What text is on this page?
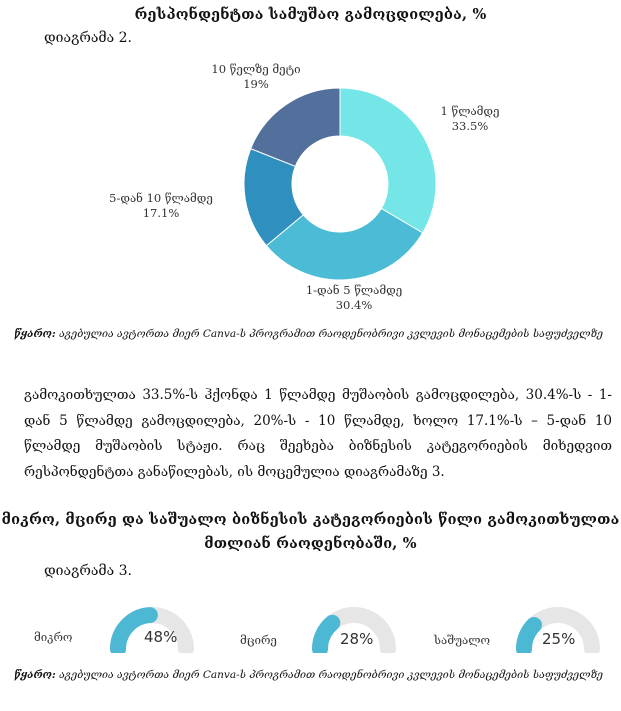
რესპონდენტთა სამუშაო გამოცდილება, %
დიაგრამა 2.
10 წელზე მეტი
19%
1 წლამდე
33.5%
5-დან 10 წლამდე
17.1%
1-დან 5 წლამდე
30.4%
წყარო: აგებულია ავტორთა მიერ Canva-ს პროგრამით რაოდენობრივი კვლევის მონაცემების საფუძველზე
გამოკითხულთა 33.5%-ს ჰქონდა 1 წლამდე მუშაობის გამოცდილება, 30.4%-ს - 1-დან 5 წლამდე გამოცდილება, 20%-ს - 10 წლამდე, ხოლო 17.1%-ს – 5-დან 10 წლამდე მუშაობის სტაჟი. რაც შეეხება ბიზნესის კატეგორიების მიხედვით რესპონდენტთა განაწილებას, ის მოცემულია დიაგრამაზე 3.
მიკრო, მცირე და საშუალო ბიზნესის კატეგორიების წილი გამოკითხულთა
მთლიან რაოდენობაში, %
დიაგრამა 3.
მიკრო	48%	მცირე	28%	საშუალო	25%
წყარო: აგებულია ავტორთა მიერ Canva-ს პროგრამით რაოდენობრივი კვლევის მონაცემების საფუძველზე
